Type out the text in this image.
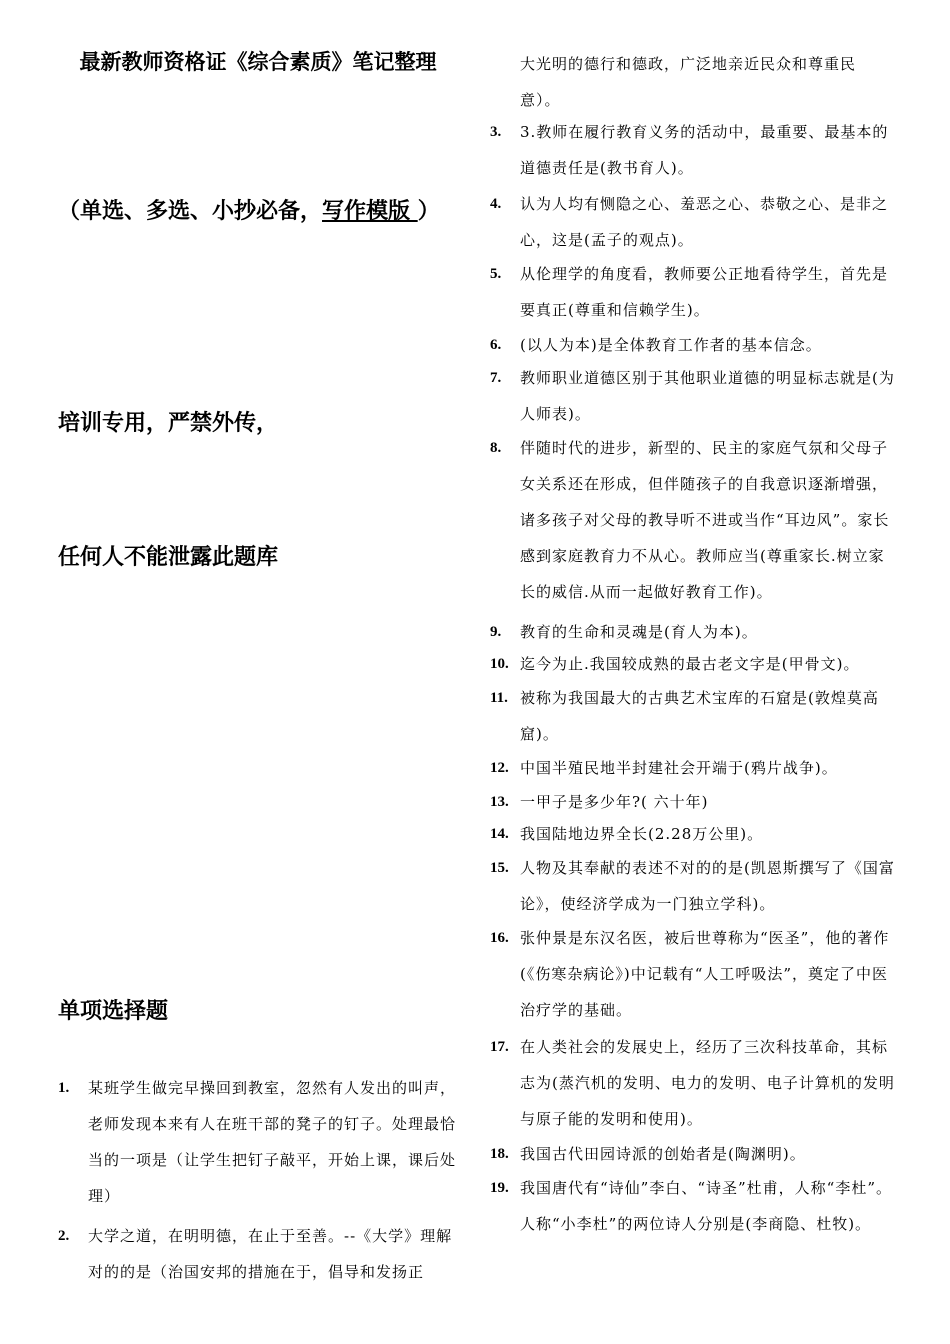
最新教师资格证《综合素质》笔记整理
（单选、多选、小抄必备，写作模版 ）
培训专用，严禁外传，
任何人不能泄露此题库
单项选择题
1. 某班学生做完早操回到教室，忽然有人发出的叫声，老师发现本来有人在班干部的凳子的钉子。处理最恰当的一项是（让学生把钉子敲平，开始上课，课后处理）
2. 大学之道，在明明德，在止于至善。--《大学》理解对的的是（治国安邦的措施在于，倡导和发扬正
大光明的德行和德政，广泛地亲近民众和尊重民意）。
3. 3.教师在履行教育义务的活动中，最重要、最基本的道德责任是(教书育人)。
4. 认为人均有恻隐之心、羞恶之心、恭敬之心、是非之心，这是(孟子的观点)。
5. 从伦理学的角度看，教师要公正地看待学生，首先是要真正(尊重和信赖学生)。
6. (以人为本)是全体教育工作者的基本信念。
7. 教师职业道德区别于其他职业道德的明显标志就是(为人师表)。
8. 伴随时代的进步，新型的、民主的家庭气氛和父母子女关系还在形成，但伴随孩子的自我意识逐渐增强，诸多孩子对父母的教导听不进或当作“耳边风”。家长感到家庭教育力不从心。教师应当(尊重家长.树立家长的威信.从而一起做好教育工作)。
9. 教育的生命和灵魂是(育人为本)。
10. 迄今为止.我国较成熟的最古老文字是(甲骨文)。
11. 被称为我国最大的古典艺术宝库的石窟是(敦煌莫高窟)。
12. 中国半殖民地半封建社会开端于(鸦片战争)。
13. 一甲子是多少年?( 六十年)
14. 我国陆地边界全长(2.28万公里)。
15. 人物及其奉献的表述不对的的是(凯恩斯撰写了《国富论》，使经济学成为一门独立学科)。
16. 张仲景是东汉名医，被后世尊称为“医圣”，他的著作(《伤寒杂病论》)中记载有“人工呼吸法”，奠定了中医治疗学的基础。
17. 在人类社会的发展史上，经历了三次科技革命，其标志为(蒸汽机的发明、电力的发明、电子计算机的发明与原子能的发明和使用)。
18. 我国古代田园诗派的创始者是(陶渊明)。
19. 我国唐代有“诗仙”李白、“诗圣”杜甫，人称“李杜”。人称“小李杜”的两位诗人分别是(李商隐、杜牧)。
